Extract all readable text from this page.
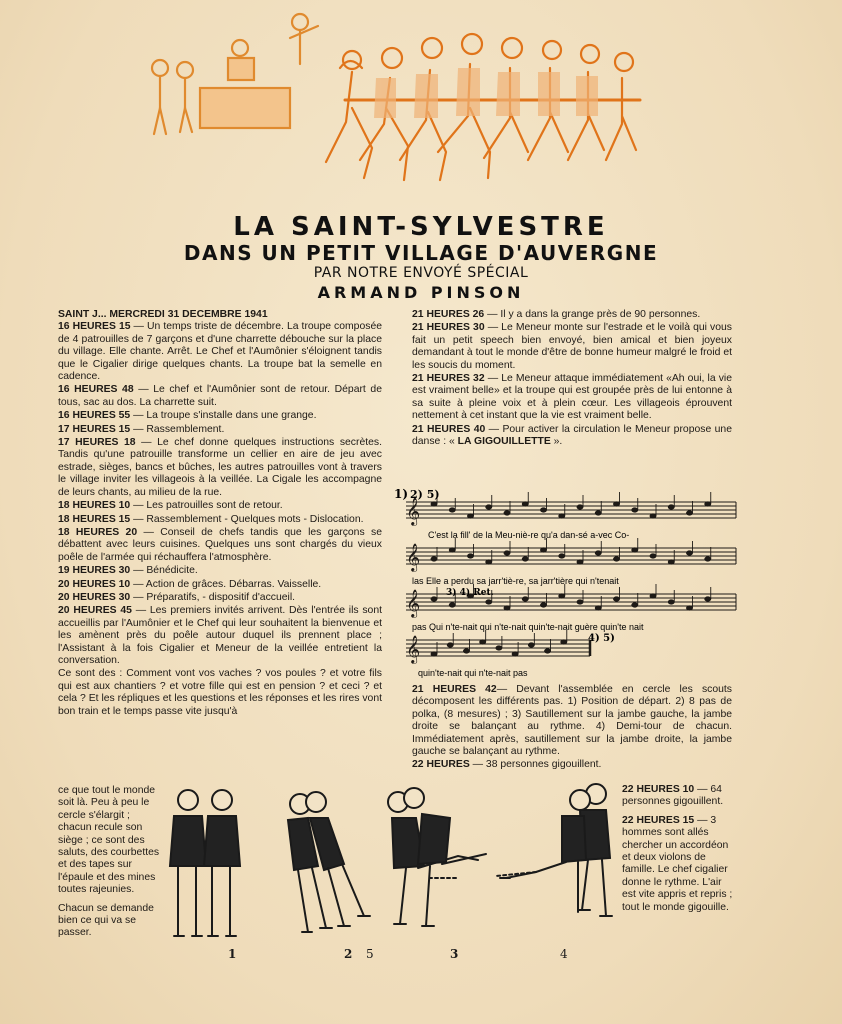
LA SAINT-SYLVESTRE
DANS UN PETIT VILLAGE D'AUVERGNE
PAR NOTRE ENVOYÉ SPÉCIAL
ARMAND PINSON
SAINT J... MERCREDI 31 DECEMBRE 1941
16 HEURES 15 — Un temps triste de décembre. La troupe composée de 4 patrouilles de 7 garçons et d'une charrette débouche sur la place du village. Elle chante. Arrêt. Le Chef et l'Aumônier s'éloignent tandis que le Cigalier dirige quelques chants. La troupe bat la semelle en cadence.
16 HEURES 48 — Le chef et l'Aumônier sont de retour. Départ de tous, sac au dos. La charrette suit.
16 HEURES 55 — La troupe s'installe dans une grange.
17 HEURES 15 — Rassemblement.
17 HEURES 18 — Le chef donne quelques instructions secrètes. Tandis qu'une patrouille transforme un cellier en aire de jeu avec estrade, sièges, bancs et bûches, les autres patrouilles vont à travers le village inviter les villageois à la veillée. La Cigale les accompagne de leurs chants, au milieu de la rue.
18 HEURES 10 — Les patrouilles sont de retour.
18 HEURES 15 — Rassemblement - Quelques mots - Dislocation.
18 HEURES 20 — Conseil de chefs tandis que les garçons se débattent avec leurs cuisines. Quelques uns sont chargés du vieux poêle de l'armée qui réchauffera l'atmosphère.
19 HEURES 30 — Bénédicite.
20 HEURES 10 — Action de grâces. Débarras. Vaisselle.
20 HEURES 30 — Préparatifs, - dispositif d'accueil.
20 HEURES 45 — Les premiers invités arrivent. Dès l'entrée ils sont accueillis par l'Aumônier et le Chef qui leur souhaitent la bienvenue et les amènent près du poêle autour duquel ils prennent place ; l'Assistant à la fois Cigalier et Meneur de la veillée entretient la conversation.
Ce sont des : Comment vont vos vaches ? vos poules ? et votre fils qui est aux chantiers ? et votre fille qui est en pension ? et ceci ? et cela ? Et les répliques et les questions et les réponses et les rires vont bon train et le temps passe vite jusqu'à
ce que tout le monde soit là. Peu à peu le cercle s'élargit ; chacun recule son siège ; ce sont des saluts, des courbettes et des tapes sur l'épaule et des mines toutes rajeunies.
Chacun se demande bien ce qui va se passer.
21 HEURES 26 — Il y a dans la grange près de 90 personnes.
21 HEURES 30 — Le Meneur monte sur l'estrade et le voilà qui vous fait un petit speech bien envoyé, bien amical et bien joyeux demandant à tout le monde d'être de bonne humeur malgré le froid et les soucis du moment.
21 HEURES 32 — Le Meneur attaque immédiatement «Ah oui, la vie est vraiment belle» et la troupe qui est groupée près de lui entonne à sa suite à pleine voix et à plein cœur. Les villageois éprouvent nettement à cet instant que la vie est vraiment belle.
21 HEURES 40 — Pour activer la circulation le Meneur propose une danse : « LA GIGOUILLETTE ».
𝄞
𝄞
𝄞
𝄞
1) 2) 5)
3) 4) Ret.
4) 5)
C'est la fill' de la Meu-niè-re qu'a dan-sé a-vec Co-
las Elle a perdu sa jarr'tiè-re, sa jarr'tière qui n'tenait
pas Qui n'te-nait qui n'te-nait quin'te-nait guère quin'te nait
quin'te-nait qui n'te-nait pas
21 HEURES 42— Devant l'assemblée en cercle les scouts décomposent les différents pas. 1) Position de départ. 2) 8 pas de polka, (8 mesures) ; 3) Sautillement sur la jambe gauche, la jambe droite se balançant au rythme. 4) Demi-tour de chacun. Immédiatement après, sautillement sur la jambe droite, la jambe gauche se balançant au rythme.
22 HEURES — 38 personnes gigouillent.
22 HEURES 10 — 64 personnes gigouillent.
22 HEURES 15 — 3 hommes sont allés chercher un accordéon et deux violons de famille. Le chef cigalier donne le rythme. L'air est vite appris et repris ; tout le monde gigouille.
1	2 5	3	4
